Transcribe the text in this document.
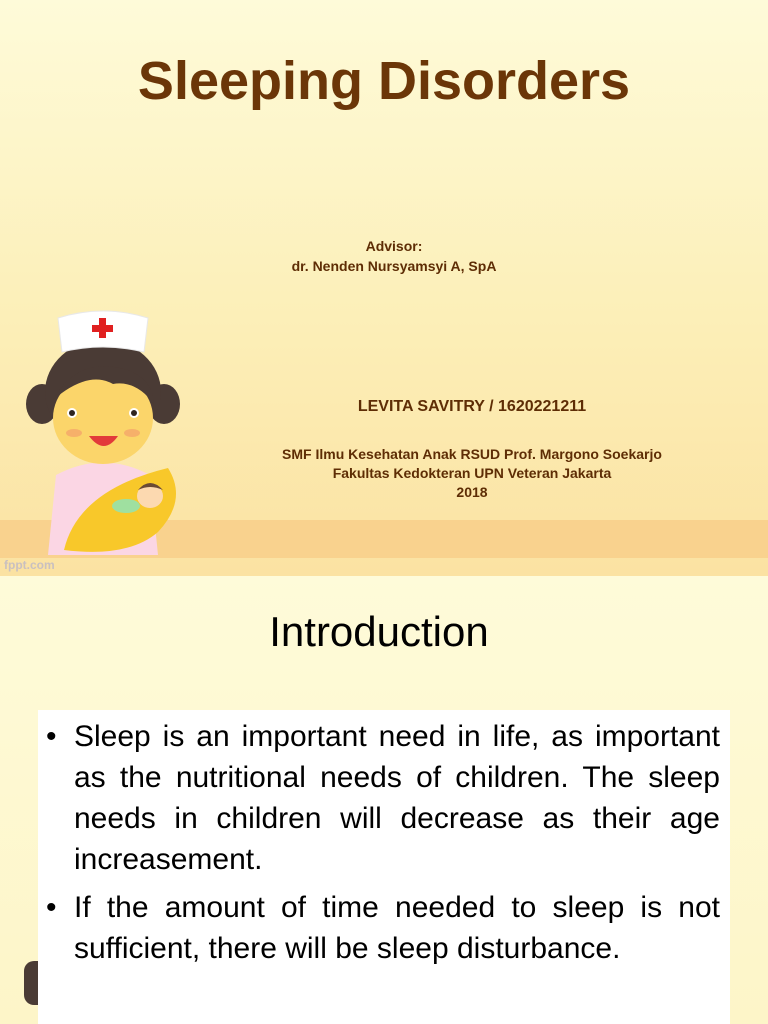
Sleeping Disorders
Advisor:
dr. Nenden Nursyamsyi A, SpA
LEVITA SAVITRY / 1620221211
SMF Ilmu Kesehatan Anak RSUD Prof. Margono Soekarjo
Fakultas Kedokteran UPN Veteran Jakarta
2018
fppt.com
Introduction
• Sleep is an important need in life, as important as the nutritional needs of children. The sleep needs in children will decrease as their age increasement.
• If the amount of time needed to sleep is not sufficient, there will be sleep disturbance.
